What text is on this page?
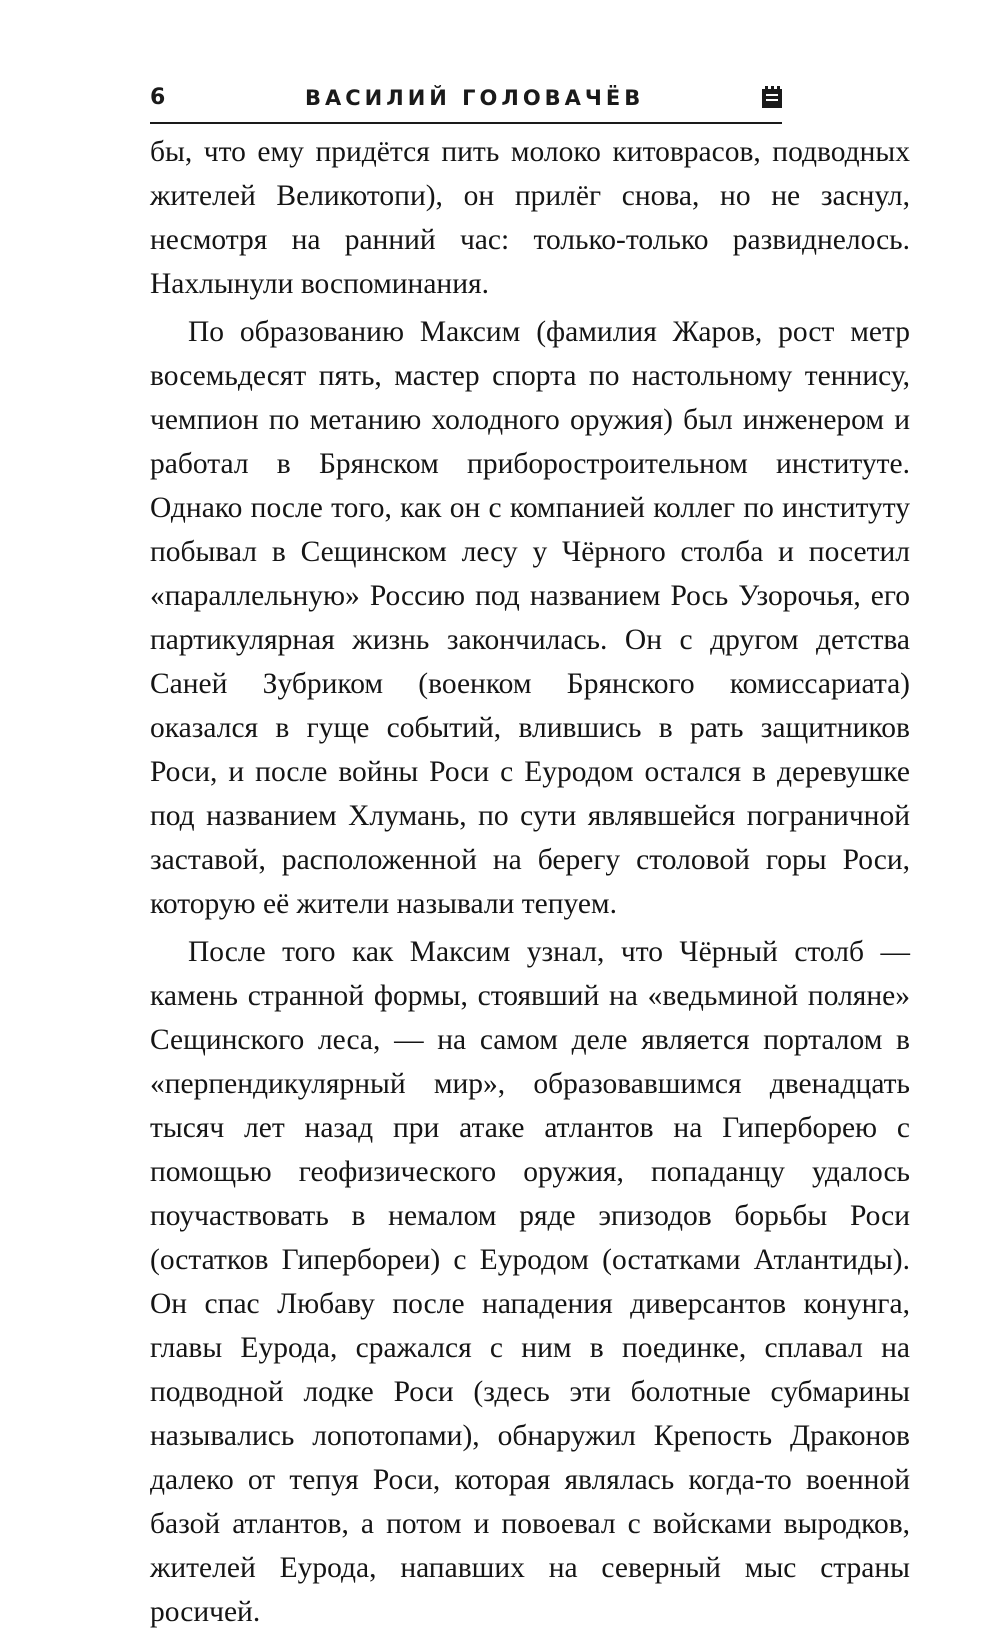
6	ВАСИЛИЙ ГОЛОВАЧЁВ

бы, что ему придётся пить молоко китоврасов, подводных жителей Великотопи), он прилёг снова, но не заснул, несмотря на ранний час: только-только развиднелось. Нахлынули воспоминания.

По образованию Максим (фамилия Жаров, рост метр восемьдесят пять, мастер спорта по настольному теннису, чемпион по метанию холодного оружия) был инженером и работал в Брянском приборостроительном институте. Однако после того, как он с компанией коллег по институту побывал в Сещинском лесу у Чёрного столба и посетил «параллельную» Россию под названием Рось Узорочья, его партикулярная жизнь закончилась. Он с другом детства Саней Зубриком (военком Брянского комиссариата) оказался в гуще событий, влившись в рать защитников Роси, и после войны Роси с Еуродом остался в деревушке под названием Хлумань, по сути являвшейся пограничной заставой, расположенной на берегу столовой горы Роси, которую её жители называли тепуем.

После того как Максим узнал, что Чёрный столб — камень странной формы, стоявший на «ведьминой поляне» Сещинского леса, — на самом деле является порталом в «перпендикулярный мир», образовавшимся двенадцать тысяч лет назад при атаке атлантов на Гиперборею с помощью геофизического оружия, попаданцу удалось поучаствовать в немалом ряде эпизодов борьбы Роси (остатков Гипербореи) с Еуродом (остатками Атлантиды). Он спас Любаву после нападения диверсантов конунга, главы Еурода, сражался с ним в поединке, сплавал на подводной лодке Роси (здесь эти болотные субмарины назывались лопотопами), обнаружил Крепость Драконов далеко от тепуя Роси, которая являлась когда-то военной базой атлантов, а потом и повоевал с войсками выродков, жителей Еурода, напавших на северный мыс страны росичей.
